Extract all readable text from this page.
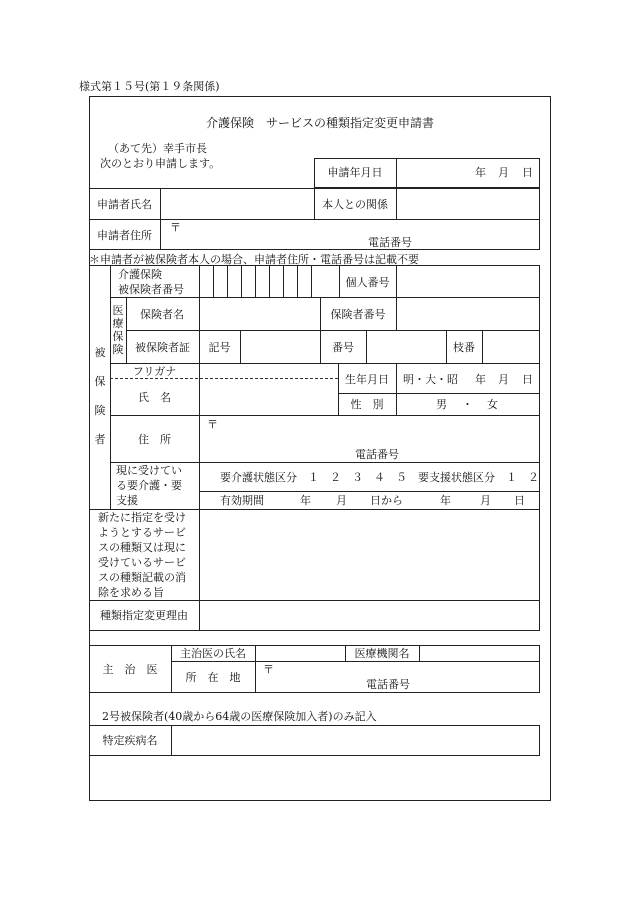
様式第１５号(第１９条関係)
介護保険　サービスの種類指定変更申請書
（あて先）幸手市長
次のとおり申請します。
申請年月日	年 月 日
申請者氏名	本人との関係
申請者住所
〒
電話番号
＊申請者が被保険者本人の場合、申請者住所・電話番号は記載不要
被保険者
介護保険
被保険者番号
個人番号
医療保険
保険者名	保険者番号
被保険者証	記号	番号	枝番
フリガナ
氏　名
生年月日	明・大・昭 年 月 日
性　別	男 ・ 女
住　所
〒
電話番号
現に受けてい
る要介護・要
支援
要介護状態区分　１　２　３　４　５　要支援状態区分　１　２
有効期間	年 月 日から	年	月 日
新たに指定を受けようとするサービスの種類又は現に受けているサービスの種類記載の消除を求める旨
種類指定変更理由
主　治　医
主治医の氏名	医療機関名
所　在　地
〒
電話番号
2号被保険者(40歳から64歳の医療保険加入者)のみ記入
特定疾病名
